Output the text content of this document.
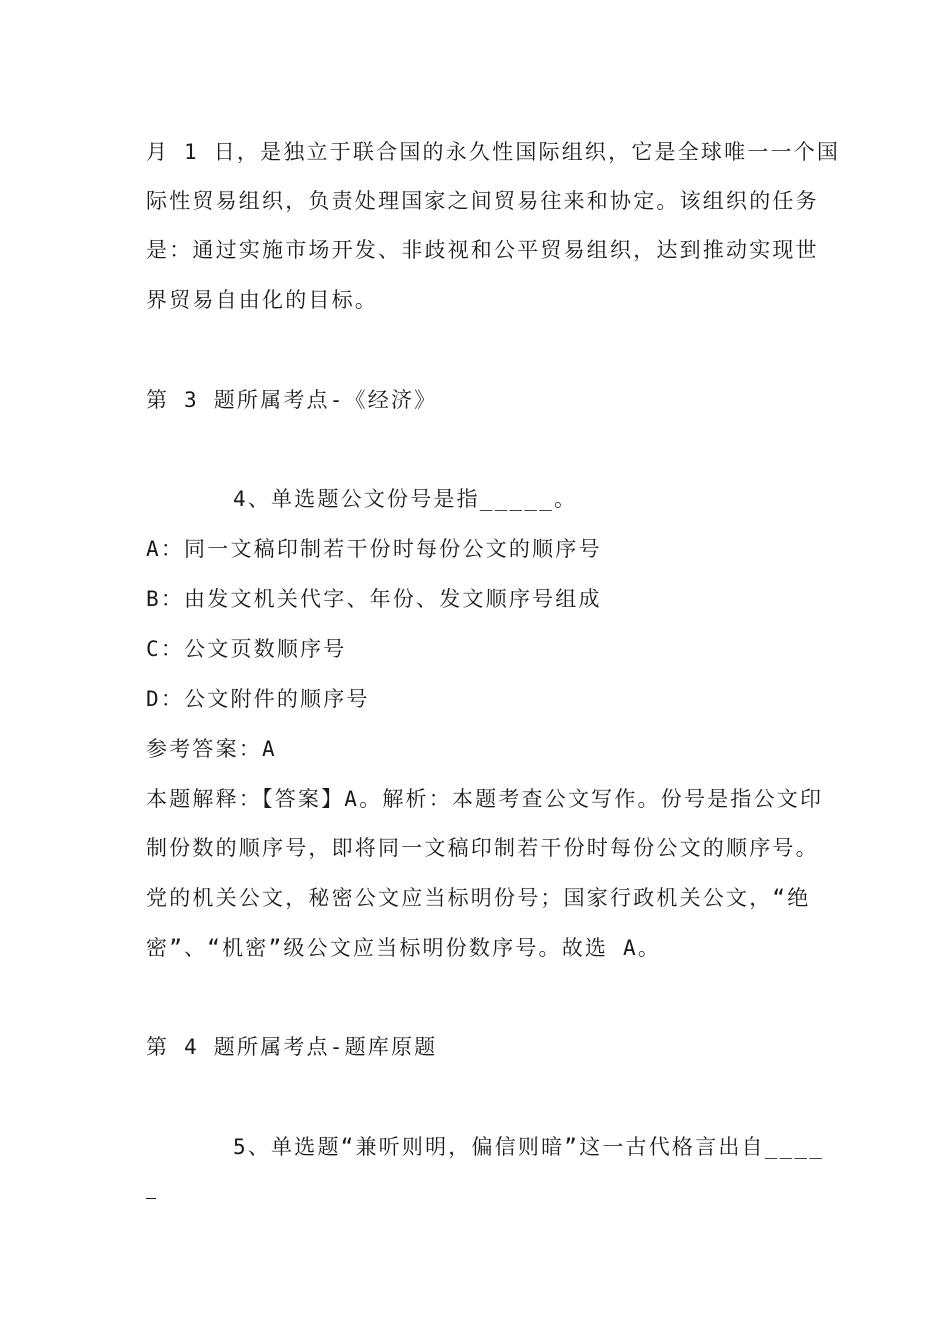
月 1 日，是独立于联合国的永久性国际组织，它是全球唯一一个国
际性贸易组织，负责处理国家之间贸易往来和协定。该组织的任务
是：通过实施市场开发、非歧视和公平贸易组织，达到推动实现世
界贸易自由化的目标。
第 3 题所属考点-《经济》
4、单选题公文份号是指_____。
A：同一文稿印制若干份时每份公文的顺序号
B：由发文机关代字、年份、发文顺序号组成
C：公文页数顺序号
D：公文附件的顺序号
参考答案：A
本题解释：【答案】A。解析：本题考查公文写作。份号是指公文印
制份数的顺序号，即将同一文稿印制若干份时每份公文的顺序号。
党的机关公文，秘密公文应当标明份号；国家行政机关公文，“绝
密”、“机密”级公文应当标明份数序号。故选 A。
第 4 题所属考点-题库原题
5、单选题“兼听则明，偏信则暗”这一古代格言出自____
